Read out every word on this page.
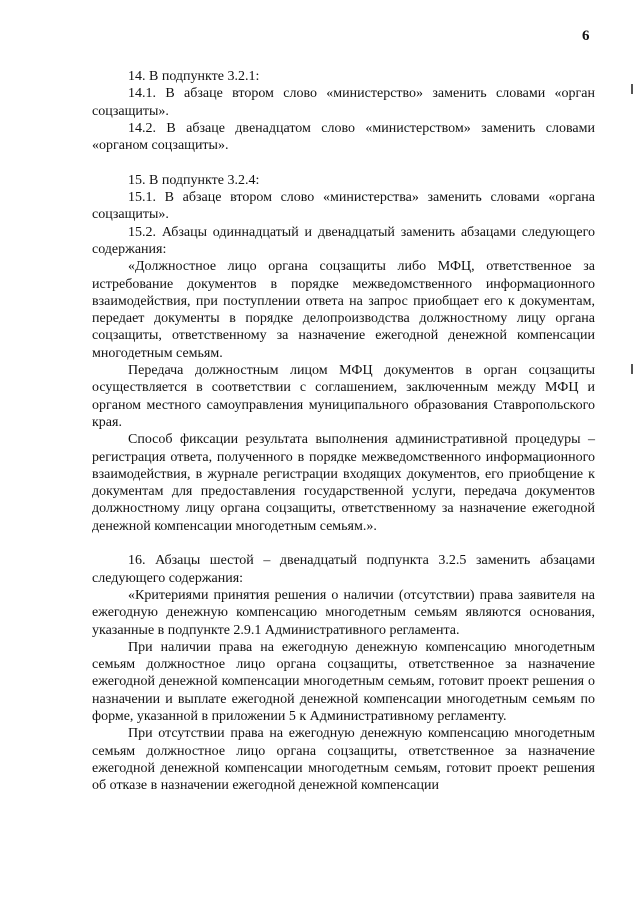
6

14. В подпункте 3.2.1:

14.1. В абзаце втором слово «министерство» заменить словами «орган соцзащиты».

14.2. В абзаце двенадцатом слово «министерством» заменить словами «органом соцзащиты».

15. В подпункте 3.2.4:

15.1. В абзаце втором слово «министерства» заменить словами «органа соцзащиты».

15.2. Абзацы одиннадцатый и двенадцатый заменить абзацами следующего содержания:

«Должностное лицо органа соцзащиты либо МФЦ, ответственное за истребование документов в порядке межведомственного информационного взаимодействия, при поступлении ответа на запрос приобщает его к документам, передает документы в порядке делопроизводства должностному лицу органа соцзащиты, ответственному за назначение ежегодной денежной компенсации многодетным семьям.

Передача должностным лицом МФЦ документов в орган соцзащиты осуществляется в соответствии с соглашением, заключенным между МФЦ и органом местного самоуправления муниципального образования Ставропольского края.

Способ фиксации результата выполнения административной процедуры – регистрация ответа, полученного в порядке межведомственного информационного взаимодействия, в журнале регистрации входящих документов, его приобщение к документам для предоставления государственной услуги, передача документов должностному лицу органа соцзащиты, ответственному за назначение ежегодной денежной компенсации многодетным семьям.».

16. Абзацы шестой – двенадцатый подпункта 3.2.5 заменить абзацами следующего содержания:

«Критериями принятия решения о наличии (отсутствии) права заявителя на ежегодную денежную компенсацию многодетным семьям являются основания, указанные в подпункте 2.9.1 Административного регламента.

При наличии права на ежегодную денежную компенсацию многодетным семьям должностное лицо органа соцзащиты, ответственное за назначение ежегодной денежной компенсации многодетным семьям, готовит проект решения о назначении и выплате ежегодной денежной компенсации многодетным семьям по форме, указанной в приложении 5 к Административному регламенту.

При отсутствии права на ежегодную денежную компенсацию многодетным семьям должностное лицо органа соцзащиты, ответственное за назначение ежегодной денежной компенсации многодетным семьям, готовит проект решения об отказе в назначении ежегодной денежной компенсации
